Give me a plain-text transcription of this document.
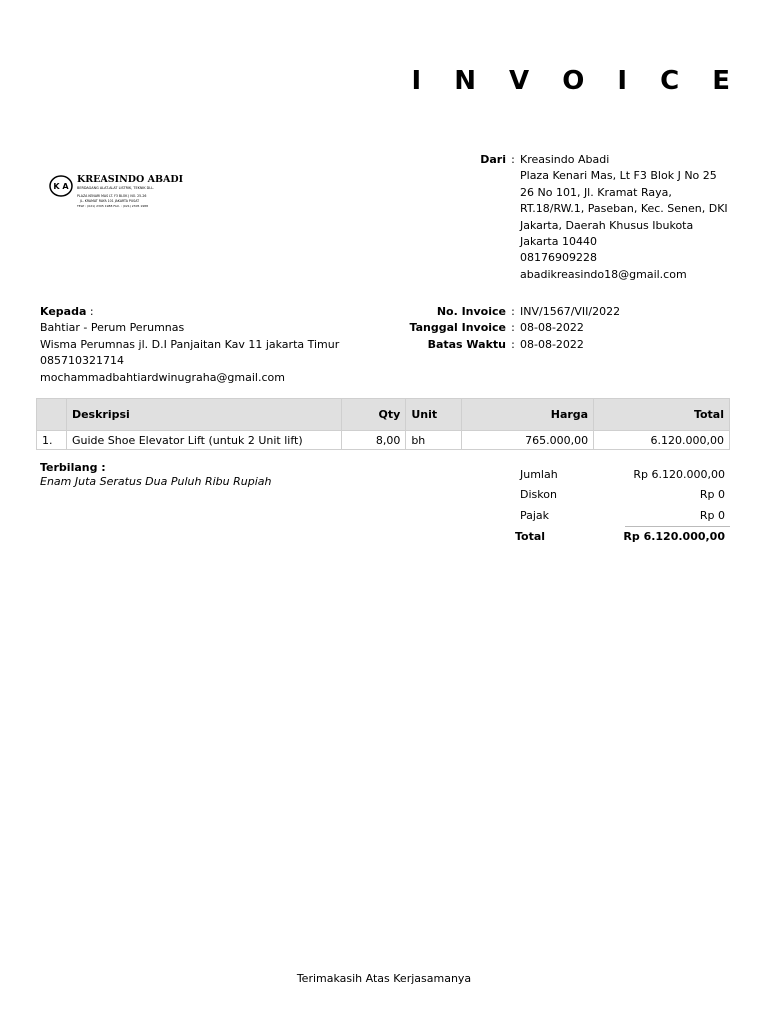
I N V O I C E
K A
KREASINDO ABADI
BERDAGANG ALAT-ALAT LISTRIK, TEKNIK DLL.
PLAZA KENARI MAS LT. F3 BLOK J NO. 25-26
JL. KRAMAT RAYA 101 JAKARTA PUSAT
TELP : (021) 2305 1988 FAX. : (021) 2305 1988
Dari : Kreasindo Abadi
Plaza Kenari Mas, Lt F3 Blok J No 25
26 No 101, Jl. Kramat Raya,
RT.18/RW.1, Paseban, Kec. Senen, DKI
Jakarta, Daerah Khusus Ibukota
Jakarta 10440
08176909228
abadikreasindo18@gmail.com
Kepada :
Bahtiar - Perum Perumnas
Wisma Perumnas jl. D.I Panjaitan Kav 11 jakarta Timur
085710321714
mochammadbahtiardwinugraha@gmail.com
No. Invoice : INV/1567/VII/2022
Tanggal Invoice : 08-08-2022
Batas Waktu : 08-08-2022
	Deskripsi	Qty	Unit	Harga	Total
1.	Guide Shoe Elevator Lift (untuk 2 Unit lift)	8,00	bh	765.000,00	6.120.000,00
Terbilang :
Enam Juta Seratus Dua Puluh Ribu Rupiah
Jumlah	Rp 6.120.000,00
Diskon	Rp 0
Pajak	Rp 0
Total	Rp 6.120.000,00
Terimakasih Atas Kerjasamanya
